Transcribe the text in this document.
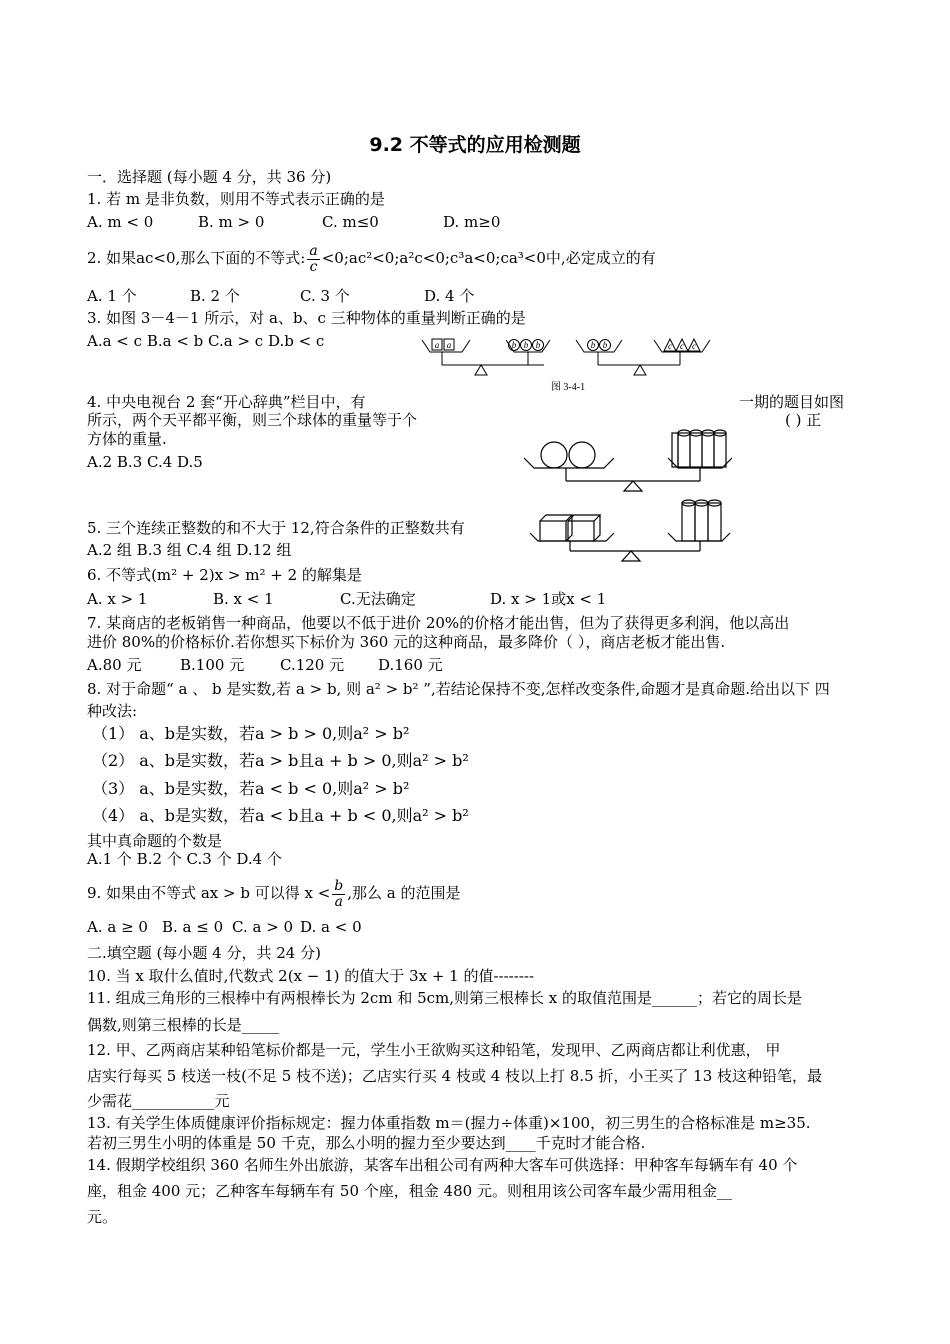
9.2 不等式的应用检测题
一．选择题 (每小题 4 分，共 36 分)
1. 若 m 是非负数，则用不等式表示正确的是
A. m < 0	B. m > 0	C. m≤0	D. m≥0
2. 如果ac<0,那么下面的不等式: $\frac{a}{c}$ <0;ac²<0;a²c<0;c³a<0;ca³<0中,必定成立的有
A. 1 个	B. 2 个	C. 3 个	D. 4 个
3. 如图 3－4－1 所示，对 a、b、c 三种物体的重量判断正确的是
A.a < c B.a < b C.a > c D.b < c	a a	b b b	b b	c c c
图 3-4-1
4. 中央电视台 2 套“开心辞典”栏目中，有	一期的题目如图
所示，两个天平都平衡，则三个球体的重量等于个	( ) 正
方体的重量.
A.2 B.3 C.4 D.5
5. 三个连续正整数的和不大于 12,符合条件的正整数共有
A.2 组 B.3 组 C.4 组 D.12 组
6. 不等式(m² + 2)x > m² + 2 的解集是
A. x > 1	B. x < 1	C.无法确定	D. x > 1或x < 1
7. 某商店的老板销售一种商品，他要以不低于进价 20%的价格才能出售，但为了获得更多利润，他以高出
进价 80%的价格标价.若你想买下标价为 360 元的这种商品，最多降价（ ），商店老板才能出售.
A.80 元	B.100 元 C.120 元 D.160 元
8. 对于命题“ a 、 b 是实数,若 a > b, 则 a² > b² ”,若结论保持不变,怎样改变条件,命题才是真命题.给出以下 四
种改法:
（1） a、b是实数，若a > b > 0,则a² > b²
（2） a、b是实数，若a > b且a + b > 0,则a² > b²
（3） a、b是实数，若a < b < 0,则a² > b²
（4） a、b是实数，若a < b且a + b < 0,则a² > b²
其中真命题的个数是
A.1 个 B.2 个 C.3 个 D.4 个
9. 如果由不等式 ax > b 可以得 $x < \frac{b}{a}$ ,那么 a 的范围是
A. a ≥ 0 B. a ≤ 0 C. a > 0 D. a < 0
二.填空题 (每小题 4 分，共 24 分)
10. 当 x 取什么值时,代数式 2(x − 1) 的值大于 3x + 1 的值--------
11. 组成三角形的三根棒中有两根棒长为 2cm 和 5cm,则第三根棒长 x 的取值范围是______；若它的周长是
偶数,则第三根棒的长是_____
12. 甲、乙两商店某种铅笔标价都是一元，学生小王欲购买这种铅笔，发现甲、乙两商店都让利优惠， 甲
店实行每买 5 枝送一枝(不足 5 枝不送)；乙店实行买 4 枝或 4 枝以上打 8.5 折，小王买了 13 枝这种铅笔，最
少需花___________元
13. 有关学生体质健康评价指标规定：握力体重指数 m＝(握力÷体重)×100，初三男生的合格标准是 m≥35.
若初三男生小明的体重是 50 千克，那么小明的握力至少要达到____千克时才能合格.
14. 假期学校组织 360 名师生外出旅游，某客车出租公司有两种大客车可供选择：甲种客车每辆车有 40 个
座，租金 400 元；乙种客车每辆车有 50 个座，租金 480 元。则租用该公司客车最少需用租金__
元。
